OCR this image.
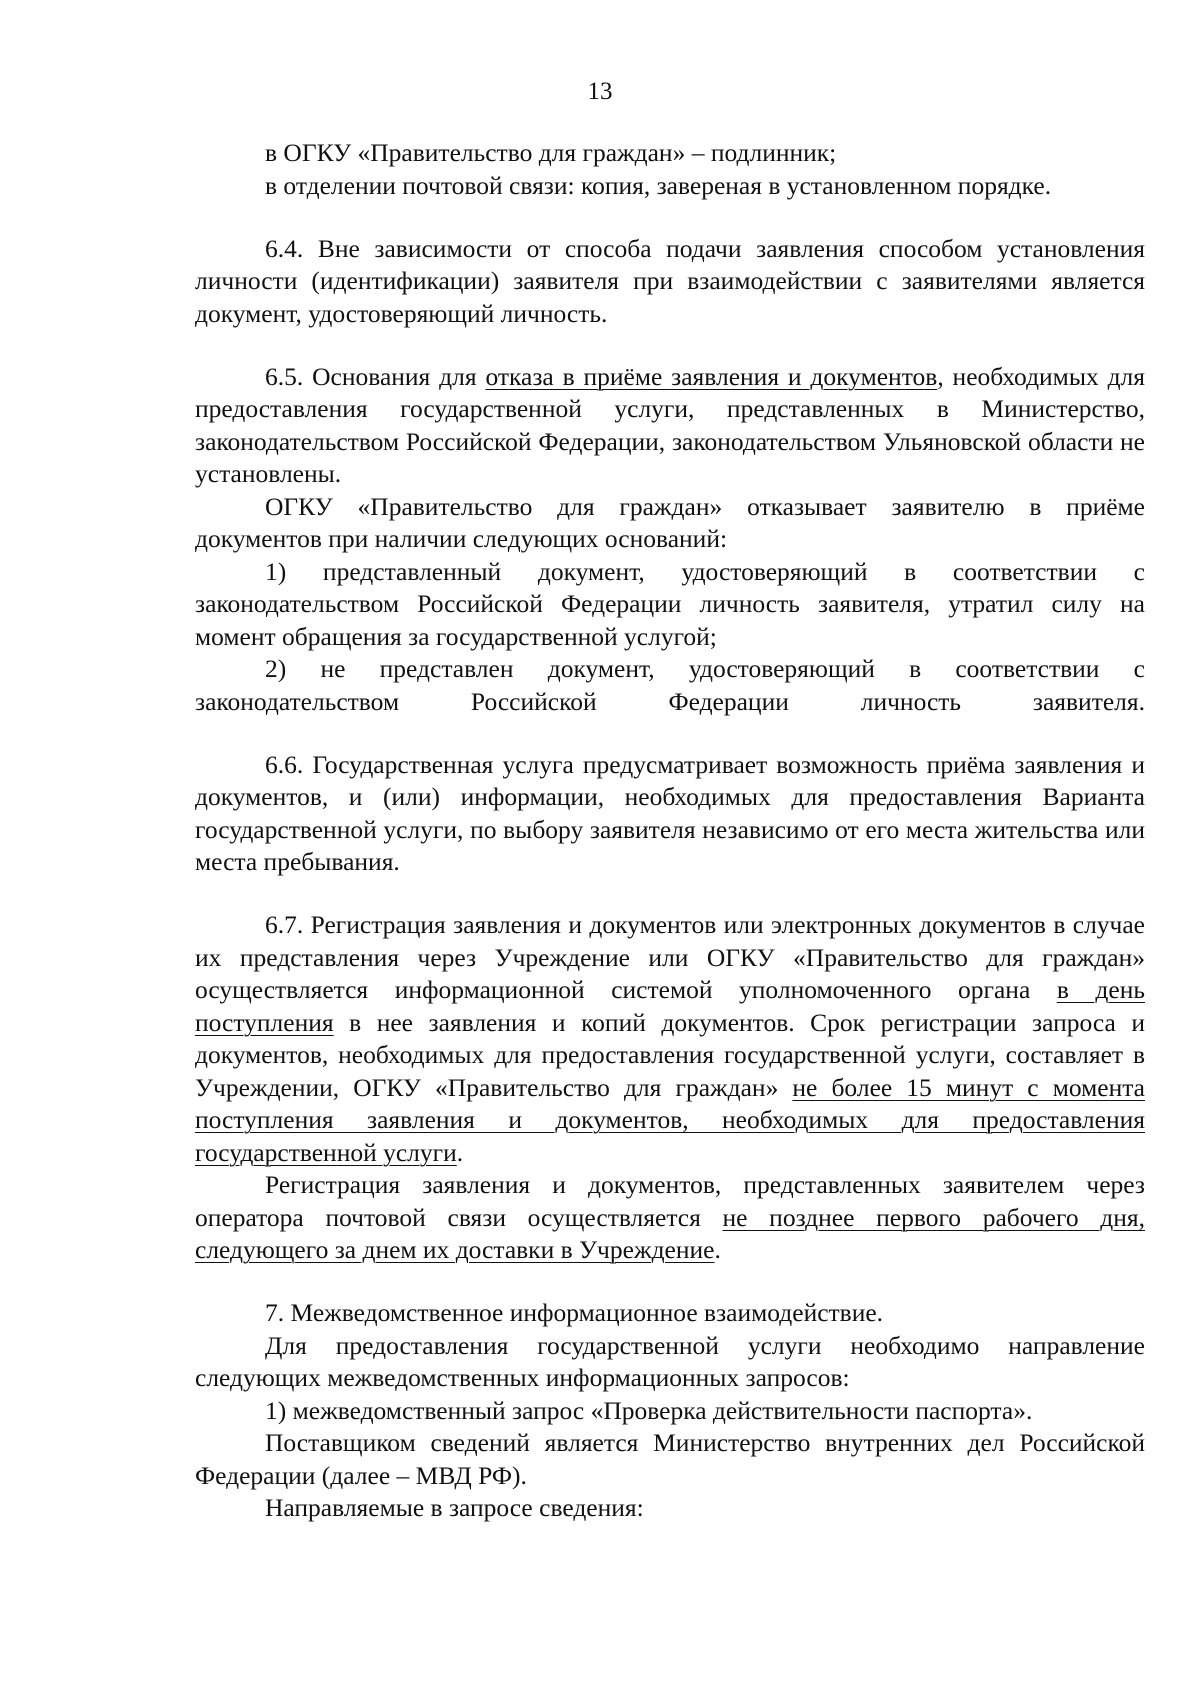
13

в ОГКУ «Правительство для граждан» – подлинник;

в отделении почтовой связи: копия, завереная в установленном порядке.

6.4. Вне зависимости от способа подачи заявления способом установления личности (идентификации) заявителя при взаимодействии с заявителями является документ, удостоверяющий личность.

6.5. Основания для отказа в приёме заявления и документов, необходимых для предоставления государственной услуги, представленных в Министерство, законодательством Российской Федерации, законодательством Ульяновской области не установлены.

ОГКУ «Правительство для граждан» отказывает заявителю в приёме документов при наличии следующих оснований:

1) представленный документ, удостоверяющий в соответствии с законодательством Российской Федерации личность заявителя, утратил силу на момент обращения за государственной услугой;

2) не представлен документ, удостоверяющий в соответствии с законодательством Российской Федерации личность заявителя.

6.6. Государственная услуга предусматривает возможность приёма заявления и документов, и (или) информации, необходимых для предоставления Варианта государственной услуги, по выбору заявителя независимо от его места жительства или места пребывания.

6.7. Регистрация заявления и документов или электронных документов в случае их представления через Учреждение или ОГКУ «Правительство для граждан» осуществляется информационной системой уполномоченного органа в день поступления в нее заявления и копий документов. Срок регистрации запроса и документов, необходимых для предоставления государственной услуги, составляет в Учреждении, ОГКУ «Правительство для граждан» не более 15 минут с момента поступления заявления и документов, необходимых для предоставления государственной услуги.

Регистрация заявления и документов, представленных заявителем через оператора почтовой связи осуществляется не позднее первого рабочего дня, следующего за днем их доставки в Учреждение.

7. Межведомственное информационное взаимодействие.

Для предоставления государственной услуги необходимо направление следующих межведомственных информационных запросов:

1) межведомственный запрос «Проверка действительности паспорта».

Поставщиком сведений является Министерство внутренних дел Российской Федерации (далее – МВД РФ).

Направляемые в запросе сведения:
